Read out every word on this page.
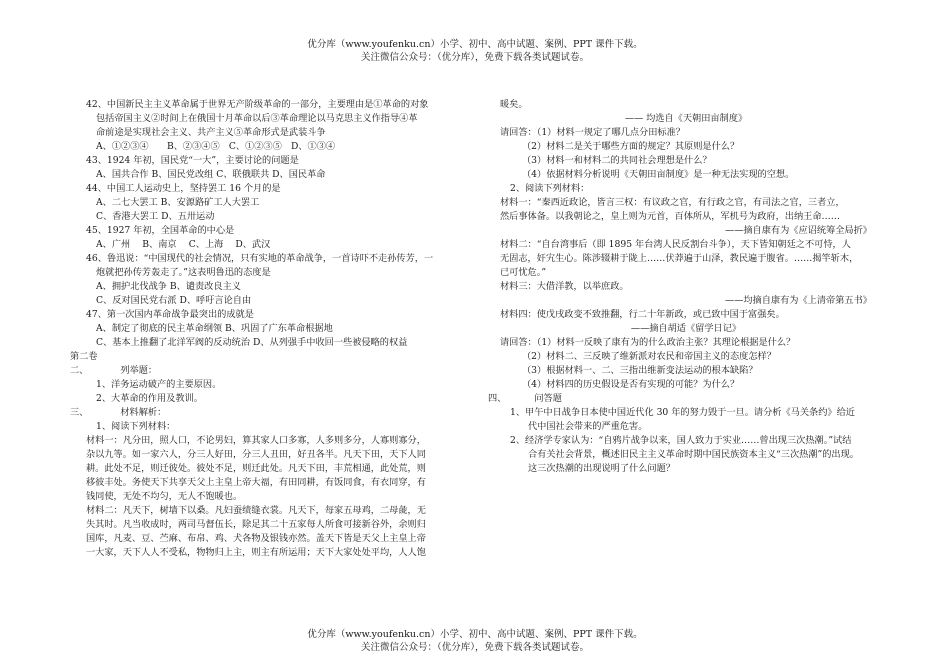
优分库（www.youfenku.cn）小学、初中、高中试题、案例、PPT 课件下载。
关注微信公众号：（优分库），免费下载各类试题试卷。
42、中国新民主主义革命属于世界无产阶级革命的一部分，主要理由是①革命的对象
包括帝国主义②时间上在俄国十月革命以后③革命理论以马克思主义作指导④革
命前途是实现社会主义、共产主义⑤革命形式是武装斗争
A、①②③④　　B、②③④⑤　C、①②③⑤　D、①③④
43、1924 年初，国民党“一大”，主要讨论的问题是
A、国共合作 B、国民党改组 C、联俄联共 D、国民革命
44、中国工人运动史上，坚持罢工 16 个月的是
A、二七大罢工 B、安源路矿工人大罢工
C、香港大罢工 D、五卅运动
45、1927 年初，全国革命的中心是
A、广州　 B、南京　 C、上海　 D、武汉
46、鲁迅说：“中国现代的社会情况，只有实地的革命战争，一首诗吓不走孙传芳，一
炮就把孙传芳轰走了。”这表明鲁迅的态度是
A、拥护北伐战争 B、谴责改良主义
C、反对国民党右派 D、呼吁言论自由
47、第一次国内革命战争最突出的成就是
A、制定了彻底的民主革命纲领 B、巩固了广东革命根据地
C、基本上推翻了北洋军阀的反动统治 D、从列强手中收回一些被侵略的权益
第二卷
二、	列举题：
1、洋务运动破产的主要原因。
2、大革命的作用及教训。
三、	材料解析：
1、阅读下列材料：
材料一：凡分田，照人口，不论男妇，算其家人口多寡，人多则多分，人寡则寡分，
杂以九等。如一家六人，分三人好田，分三人丑田，好丑各半。凡天下田，天下人同
耕。此处不足，则迁彼处。彼处不足，则迁此处。凡天下田，丰荒相通，此处荒，则
移彼丰处。务使天下共享天父上主皇上帝大福，有田同耕，有饭同食，有衣同穿，有
钱同使，无处不均匀，无人不饱暖也。
材料二：凡天下，树墙下以桑。凡妇蚕绩缝衣裳。凡天下，每家五母鸡，二母彘，无
失其时。凡当收成时，两司马督伍长，除足其二十五家每人所食可接新谷外，余则归
国库，凡麦、豆、苎麻、布帛、鸡、犬各物及银钱亦然。盖天下皆是天父上主皇上帝
一大家，天下人人不受私，物物归上主，则主有所运用；天下大家处处平均，人人饱
暖矣。
—— 均选自《天朝田亩制度》
请回答：（1）材料一规定了哪几点分田标准？
（2）材料二是关于哪些方面的规定？其原则是什么？
（3）材料一和材料二的共同社会理想是什么？
（4）依据材料分析说明《天朝田亩制度》是一种无法实现的空想。
2、阅读下列材料：
材料一：“秦西近政论，皆言三权：有议政之官，有行政之官，有司法之官，三者立，
然后事体备。以我朝论之，皇上则为元首，百体所从，军机号为政府，出纳王命……
——摘自康有为《应诏统筹全局折》
材料二：“自台湾事后（即 1895 年台湾人民反割台斗争），天下皆知朝廷之不可恃，人
无固志，奸宄生心。陈涉辍耕于陇上……伏莽遍于山泽，教民遍于腹省。……揭竿斩木，
已可忧危。”
材料三：大借洋教，以举庶政。
——均摘自康有为《上清帝第五书》
材料四：使戊戌政变不致推翻，行二十年新政，或已致中国于富强矣。
——摘自胡适《留学日记》
请回答：（1）材料一反映了康有为的什么政治主张？其理论根据是什么？
（2）材料二、三反映了维新派对农民和帝国主义的态度怎样？
（3）根据材料一、二、三指出维新变法运动的根本缺陷？
（4）材料四的历史假设是否有实现的可能？为什么？
四、	问答题
1、甲午中日战争日本使中国近代化 30 年的努力毁于一旦。请分析《马关条约》给近
代中国社会带来的严重危害。
2、经济学专家认为：“自鸦片战争以来，国人致力于实业……曾出现三次热潮。”试结
合有关社会背景，概述旧民主主义革命时期中国民族资本主义“三次热潮”的出现。
这三次热潮的出现说明了什么问题？
优分库（www.youfenku.cn）小学、初中、高中试题、案例、PPT 课件下载。
关注微信公众号：（优分库），免费下载各类试题试卷。
